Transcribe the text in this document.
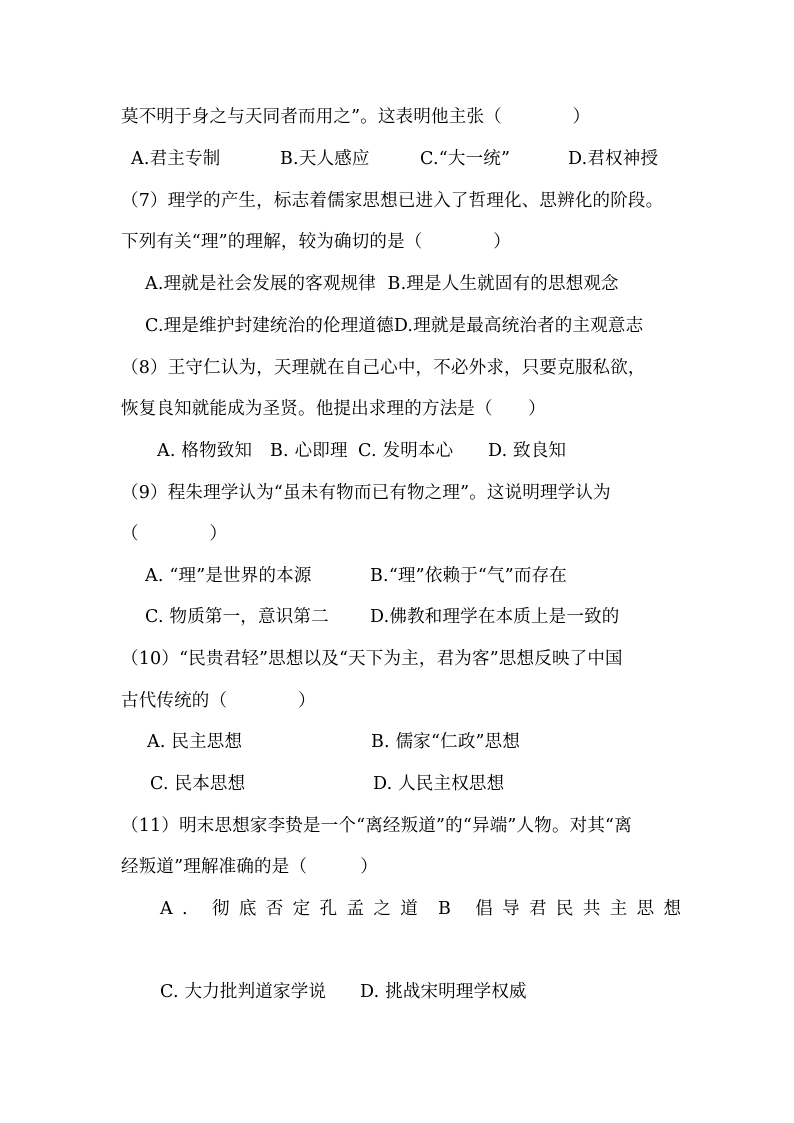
莫不明于身之与天同者而用之”。这表明他主张（　　　　）
A.君主专制	B.天人感应	C.“大一统”	D.君权神授
（7）理学的产生，标志着儒家思想已进入了哲理化、思辨化的阶段。
下列有关“理”的理解，较为确切的是（　　　　）
A.理就是社会发展的客观规律 B.理是人生就固有的思想观念
C.理是维护封建统治的伦理道德D.理就是最高统治者的主观意志
（8）王守仁认为，天理就在自己心中，不必外求，只要克服私欲，
恢复良知就能成为圣贤。他提出求理的方法是（　　）
A. 格物致知 B. 心即理 C. 发明本心 D. 致良知
（9）程朱理学认为“虽未有物而已有物之理”。这说明理学认为
（　　　　）
A. “理”是世界的本源	B.“理”依赖于“气”而存在
C. 物质第一，意识第二 D.佛教和理学在本质上是一致的
（10）“民贵君轻”思想以及“天下为主，君为客”思想反映了中国
古代传统的（　　　　）
A. 民主思想	B. 儒家“仁政”思想
C. 民本思想	D. 人民主权思想
（11）明末思想家李贽是一个“离经叛道”的“异端”人物。对其“离
经叛道”理解准确的是（　　　）
A. 彻底否定孔孟之道 B 倡导君民共主思想
C. 大力批判道家学说 D. 挑战宋明理学权威
